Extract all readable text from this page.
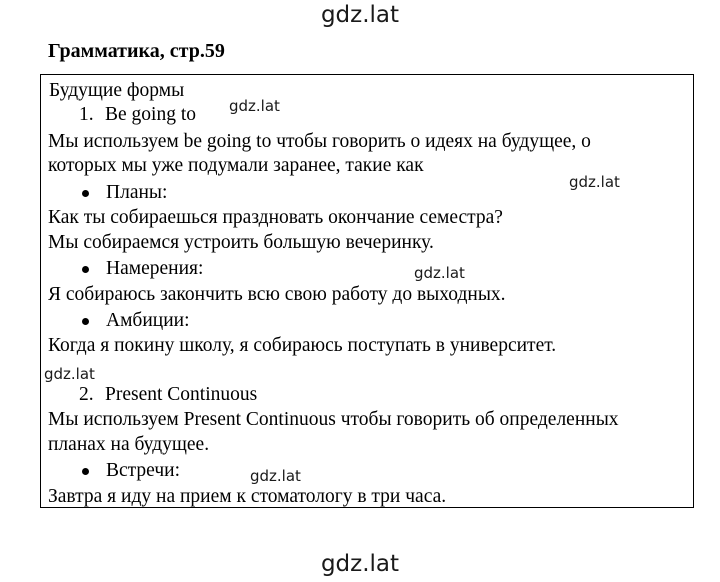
gdz.lat
Грамматика, стр.59
Будущие формы
1. Be going to gdz.lat
Мы используем be going to чтобы говорить о идеях на будущее, о
которых мы уже подумали заранее, такие как
gdz.lat
Планы:
Как ты собираешься праздновать окончание семестра?
Мы собираемся устроить большую вечеринку.
Намерения:	gdz.lat
Я собираюсь закончить всю свою работу до выходных.
Амбиции:
Когда я покину школу, я собираюсь поступать в университет.
gdz.lat
2. Present Continuous
Мы используем Present Continuous чтобы говорить об определенных
планах на будущее.
Встречи:	gdz.lat
Завтра я иду на прием к стоматологу в три часа.
gdz.lat
